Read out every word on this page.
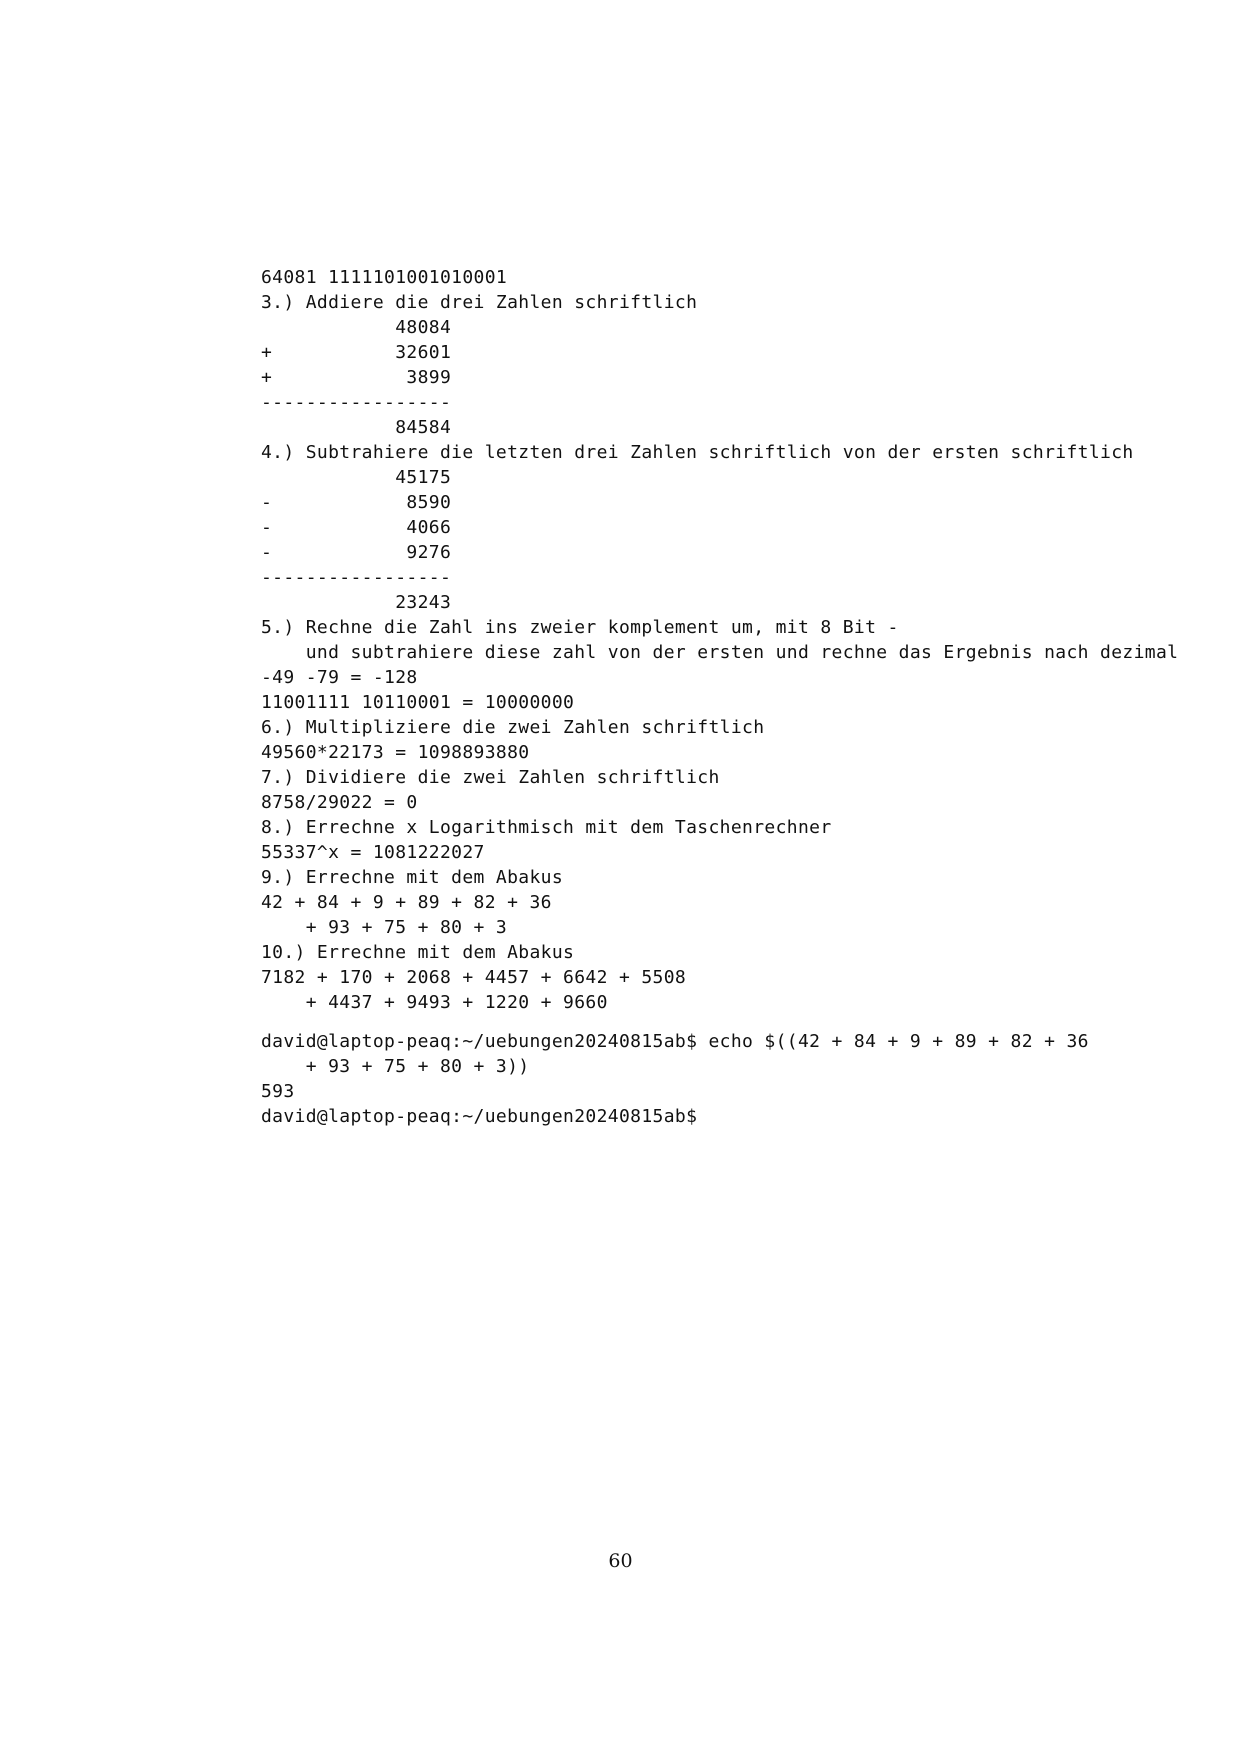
64081 1111101001010001
3.) Addiere die drei Zahlen schriftlich
48084
+           32601
+            3899
-----------------
84584
4.) Subtrahiere die letzten drei Zahlen schriftlich von der ersten schriftlich
45175
-            8590
-            4066
-            9276
-----------------
23243
5.) Rechne die Zahl ins zweier komplement um, mit 8 Bit -
und subtrahiere diese zahl von der ersten und rechne das Ergebnis nach dezimal
-49 -79 = -128
11001111 10110001 = 10000000
6.) Multipliziere die zwei Zahlen schriftlich
49560*22173 = 1098893880
7.) Dividiere die zwei Zahlen schriftlich
8758/29022 = 0
8.) Errechne x Logarithmisch mit dem Taschenrechner
55337^x = 1081222027
9.) Errechne mit dem Abakus
42 + 84 + 9 + 89 + 82 + 36
+ 93 + 75 + 80 + 3
10.) Errechne mit dem Abakus
7182 + 170 + 2068 + 4457 + 6642 + 5508
+ 4437 + 9493 + 1220 + 9660
david@laptop-peaq:~/uebungen20240815ab$ echo $((42 + 84 + 9 + 89 + 82 + 36
+ 93 + 75 + 80 + 3))
593
david@laptop-peaq:~/uebungen20240815ab$
60
